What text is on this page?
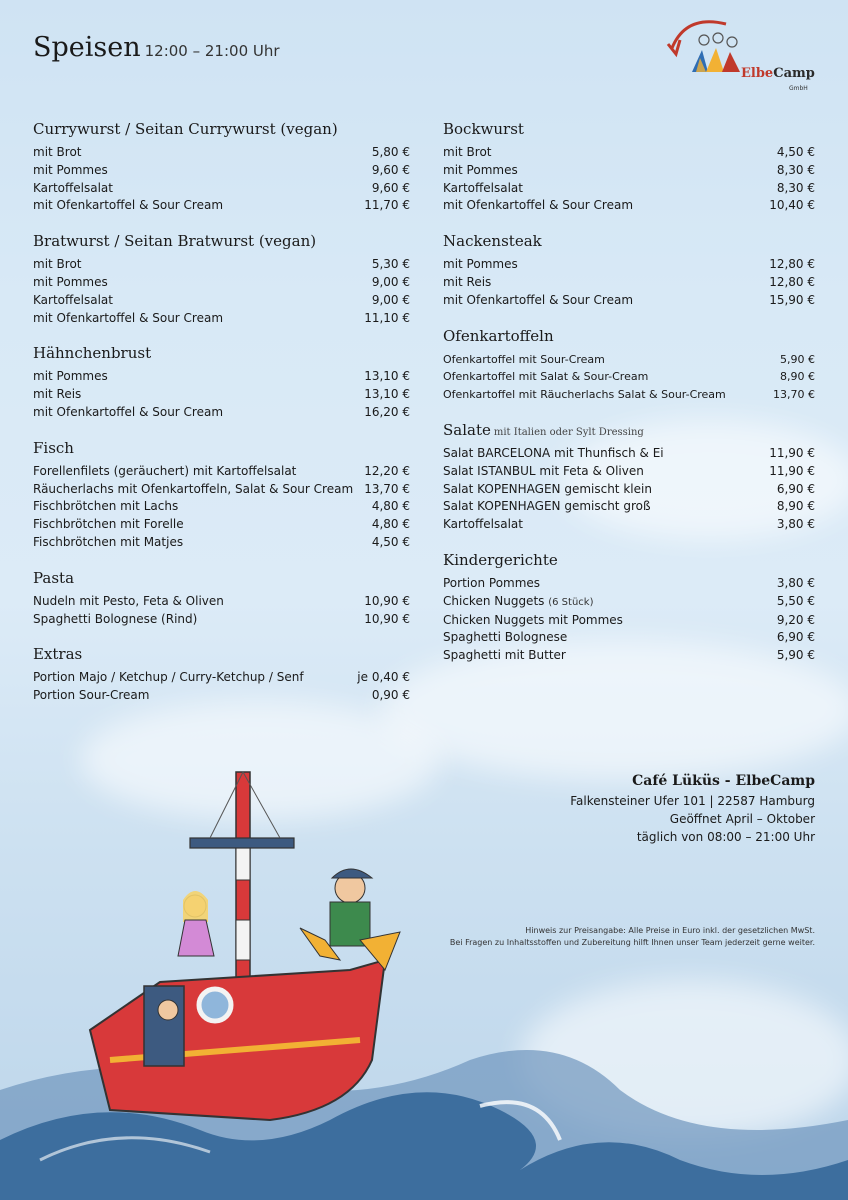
Speisen 12:00 – 21:00 Uhr
ElbeCamp
GmbH
Currywurst / Seitan Currywurst (vegan)
mit Brot	5,80 €
mit Pommes	9,60 €
Kartoffelsalat	9,60 €
mit Ofenkartoffel & Sour Cream	11,70 €
Bratwurst / Seitan Bratwurst (vegan)
mit Brot	5,30 €
mit Pommes	9,00 €
Kartoffelsalat	9,00 €
mit Ofenkartoffel & Sour Cream	11,10 €
Hähnchenbrust
mit Pommes	13,10 €
mit Reis	13,10 €
mit Ofenkartoffel & Sour Cream	16,20 €
Fisch
Forellenfilets (geräuchert) mit Kartoffelsalat	12,20 €
Räucherlachs mit Ofenkartoffeln, Salat & Sour Cream 13,70 €
Fischbrötchen mit Lachs	4,80 €
Fischbrötchen mit Forelle	4,80 €
Fischbrötchen mit Matjes	4,50 €
Pasta
Nudeln mit Pesto, Feta & Oliven	10,90 €
Spaghetti Bolognese (Rind)	10,90 €
Extras
Portion Majo / Ketchup / Curry-Ketchup / Senf	je 0,40 €
Portion Sour-Cream	0,90 €
Bockwurst
mit Brot	4,50 €
mit Pommes	8,30 €
Kartoffelsalat	8,30 €
mit Ofenkartoffel & Sour Cream	10,40 €
Nackensteak
mit Pommes	12,80 €
mit Reis	12,80 €
mit Ofenkartoffel & Sour Cream	15,90 €
Ofenkartoffeln
Ofenkartoffel mit Sour-Cream	5,90 €
Ofenkartoffel mit Salat & Sour-Cream	8,90 €
Ofenkartoffel mit Räucherlachs Salat & Sour-Cream	13,70 €
Salate mit Italien oder Sylt Dressing
Salat BARCELONA mit Thunfisch & Ei	11,90 €
Salat ISTANBUL mit Feta & Oliven	11,90 €
Salat KOPENHAGEN gemischt klein	6,90 €
Salat KOPENHAGEN gemischt groß	8,90 €
Kartoffelsalat	3,80 €
Kindergerichte
Portion Pommes	3,80 €
Chicken Nuggets (6 Stück)	5,50 €
Chicken Nuggets mit Pommes	9,20 €
Spaghetti Bolognese	6,90 €
Spaghetti mit Butter	5,90 €
Café Lüküs - ElbeCamp
Falkensteiner Ufer 101 | 22587 Hamburg
Geöffnet April – Oktober
täglich von 08:00 – 21:00 Uhr
Hinweis zur Preisangabe: Alle Preise in Euro inkl. der gesetzlichen MwSt.
Bei Fragen zu Inhaltsstoffen und Zubereitung hilft Ihnen unser Team jederzeit gerne weiter.
